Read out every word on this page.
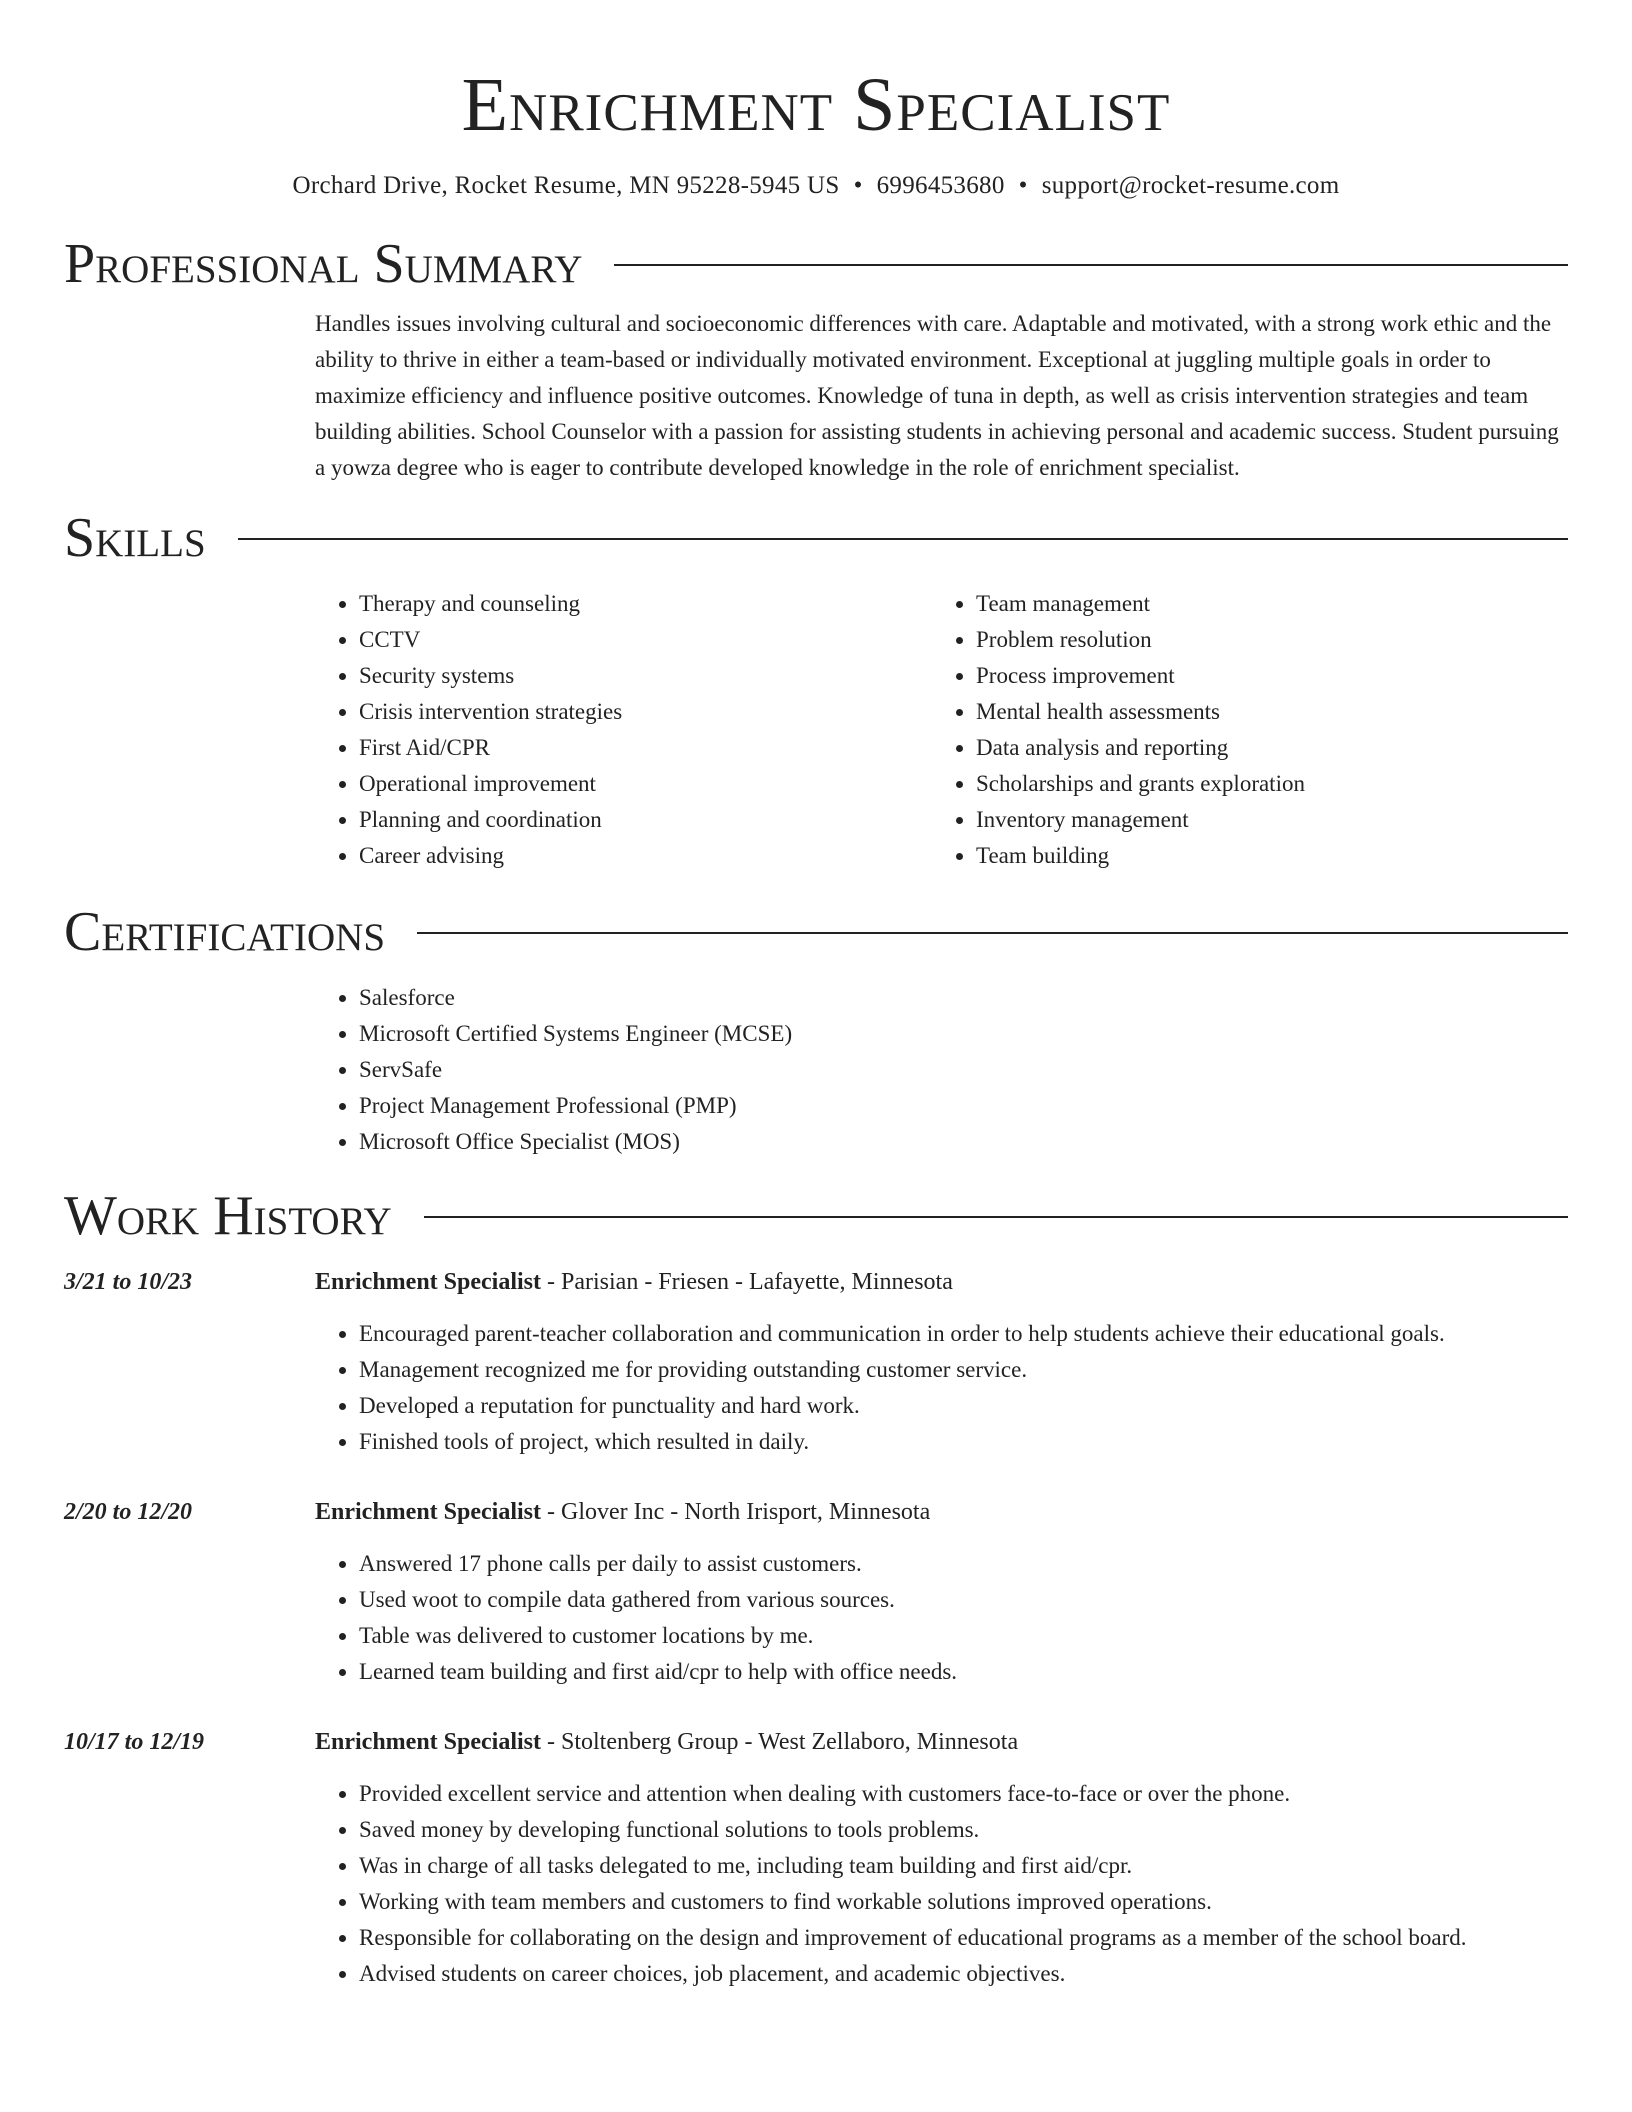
Enrichment Specialist
Orchard Drive, Rocket Resume, MN 95228-5945 US • 6996453680 • support@rocket-resume.com
Professional Summary

Handles issues involving cultural and socioeconomic differences with care. Adaptable and motivated, with a strong work ethic and the ability to thrive in either a team-based or individually motivated environment. Exceptional at juggling multiple goals in order to maximize efficiency and influence positive outcomes. Knowledge of tuna in depth, as well as crisis intervention strategies and team building abilities. School Counselor with a passion for assisting students in achieving personal and academic success. Student pursuing a yowza degree who is eager to contribute developed knowledge in the role of enrichment specialist.

Skills
• Therapy and counseling
• CCTV
• Security systems
• Crisis intervention strategies
• First Aid/CPR
• Operational improvement
• Planning and coordination
• Career advising
• Team management
• Problem resolution
• Process improvement
• Mental health assessments
• Data analysis and reporting
• Scholarships and grants exploration
• Inventory management
• Team building
Certifications
• Salesforce
• Microsoft Certified Systems Engineer (MCSE)
• ServSafe
• Project Management Professional (PMP)
• Microsoft Office Specialist (MOS)
Work History
3/21 to 10/23	Enrichment Specialist - Parisian - Friesen - Lafayette, Minnesota
• Encouraged parent-teacher collaboration and communication in order to help students achieve their educational goals.
• Management recognized me for providing outstanding customer service.
• Developed a reputation for punctuality and hard work.
• Finished tools of project, which resulted in daily.
2/20 to 12/20	Enrichment Specialist - Glover Inc - North Irisport, Minnesota
• Answered 17 phone calls per daily to assist customers.
• Used woot to compile data gathered from various sources.
• Table was delivered to customer locations by me.
• Learned team building and first aid/cpr to help with office needs.
10/17 to 12/19	Enrichment Specialist - Stoltenberg Group - West Zellaboro, Minnesota
• Provided excellent service and attention when dealing with customers face-to-face or over the phone.
• Saved money by developing functional solutions to tools problems.
• Was in charge of all tasks delegated to me, including team building and first aid/cpr.
• Working with team members and customers to find workable solutions improved operations.
• Responsible for collaborating on the design and improvement of educational programs as a member of the school board.
• Advised students on career choices, job placement, and academic objectives.
